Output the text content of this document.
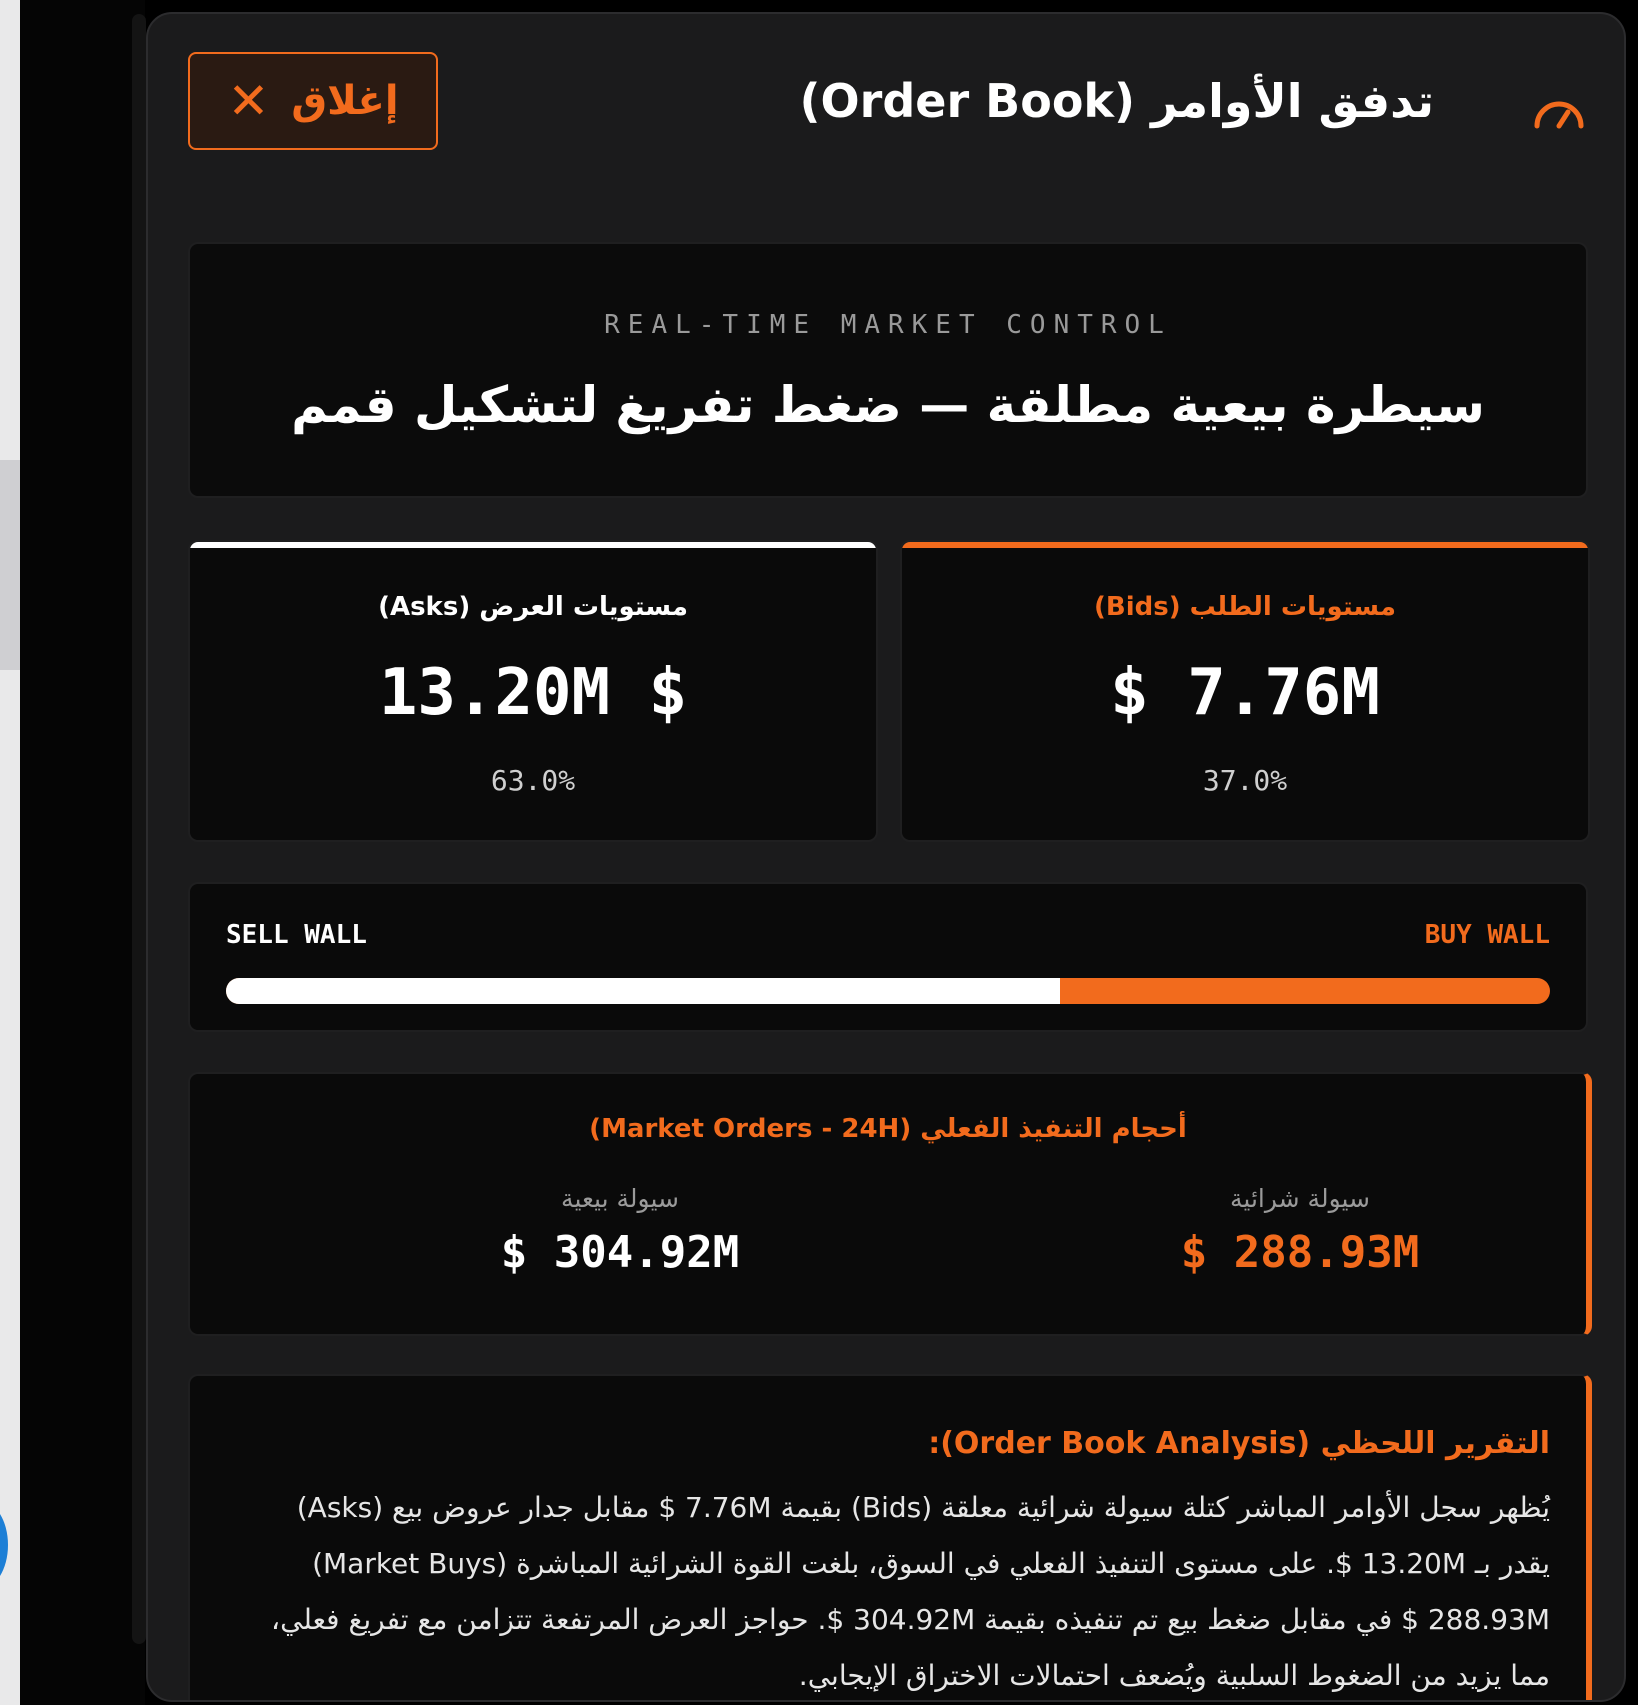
إغلاق
✕	تدفق الأوامر (Order Book)
REAL-TIME MARKET CONTROL
سيطرة بيعية مطلقة — ضغط تفريغ لتشكيل قمم
مستويات العرض (Asks)
13.20M $
63.0%
مستويات الطلب (Bids)
$ 7.76M
37.0%
SELL WALL	BUY WALL
أحجام التنفيذ الفعلي (Market Orders - 24H)
سيولة بيعية
$ 304.92M
سيولة شرائية
$ 288.93M
التقرير اللحظي (Order Book Analysis):
يُظهر سجل الأوامر المباشر كتلة سيولة شرائية معلقة (Bids) بقيمة 7.76M $ مقابل جدار عروض بيع (Asks) يقدر بـ 13.20M $. على مستوى التنفيذ الفعلي في السوق، بلغت القوة الشرائية المباشرة (Market Buys) 288.93M $ في مقابل ضغط بيع تم تنفيذه بقيمة 304.92M $. حواجز العرض المرتفعة تتزامن مع تفريغ فعلي، مما يزيد من الضغوط السلبية ويُضعف احتمالات الاختراق الإيجابي.
